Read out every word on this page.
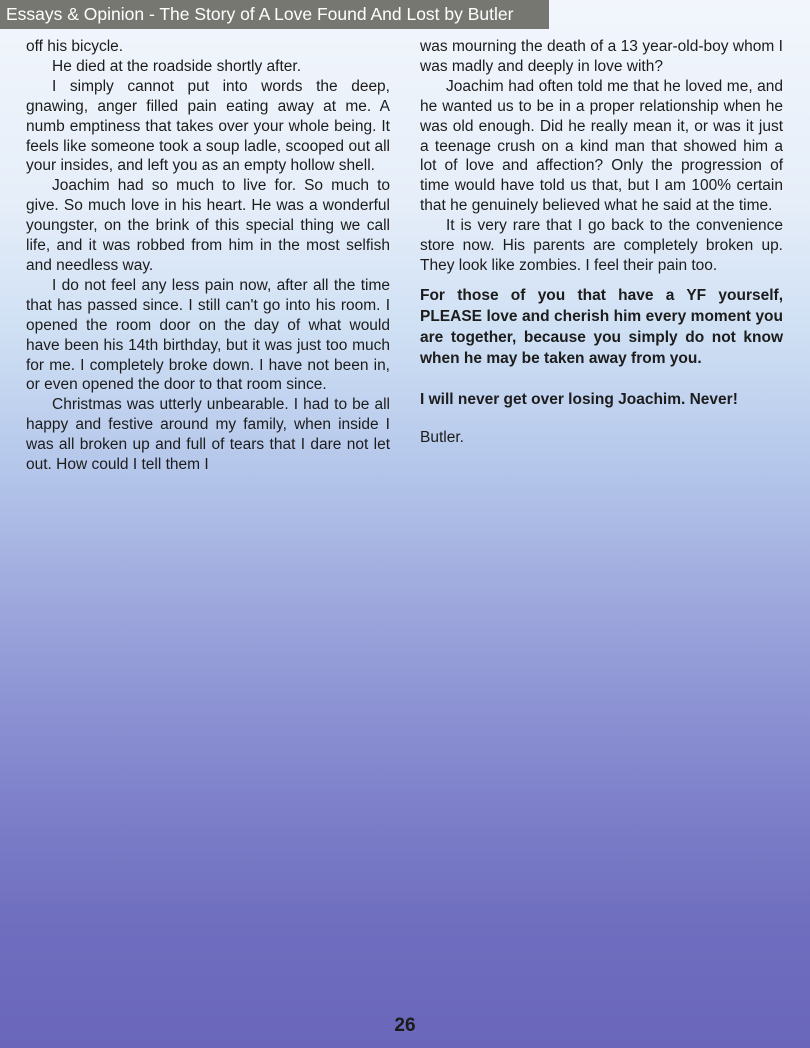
Essays & Opinion - The Story of A Love Found And Lost by Butler

off his bicycle.

He died at the roadside shortly after.

I simply cannot put into words the deep, gnawing, anger filled pain eating away at me. A numb emptiness that takes over your whole being. It feels like someone took a soup ladle, scooped out all your insides, and left you as an empty hollow shell.

Joachim had so much to live for. So much to give. So much love in his heart. He was a wonderful youngster, on the brink of this special thing we call life, and it was robbed from him in the most selfish and needless way.

I do not feel any less pain now, after all the time that has passed since. I still can't go into his room. I opened the room door on the day of what would have been his 14th birthday, but it was just too much for me. I completely broke down. I have not been in, or even opened the door to that room since.

Christmas was utterly unbearable. I had to be all happy and festive around my family, when inside I was all broken up and full of tears that I dare not let out. How could I tell them I

was mourning the death of a 13 year-old-boy whom I was madly and deeply in love with?

Joachim had often told me that he loved me, and he wanted us to be in a proper relationship when he was old enough. Did he really mean it, or was it just a teenage crush on a kind man that showed him a lot of love and affection? Only the progression of time would have told us that, but I am 100% certain that he genuinely believed what he said at the time.

It is very rare that I go back to the convenience store now. His parents are completely broken up. They look like zombies. I feel their pain too.

For those of you that have a YF yourself, PLEASE love and cherish him every moment you are together, because you simply do not know when he may be taken away from you.

I will never get over losing Joachim. Never!

Butler.

26
